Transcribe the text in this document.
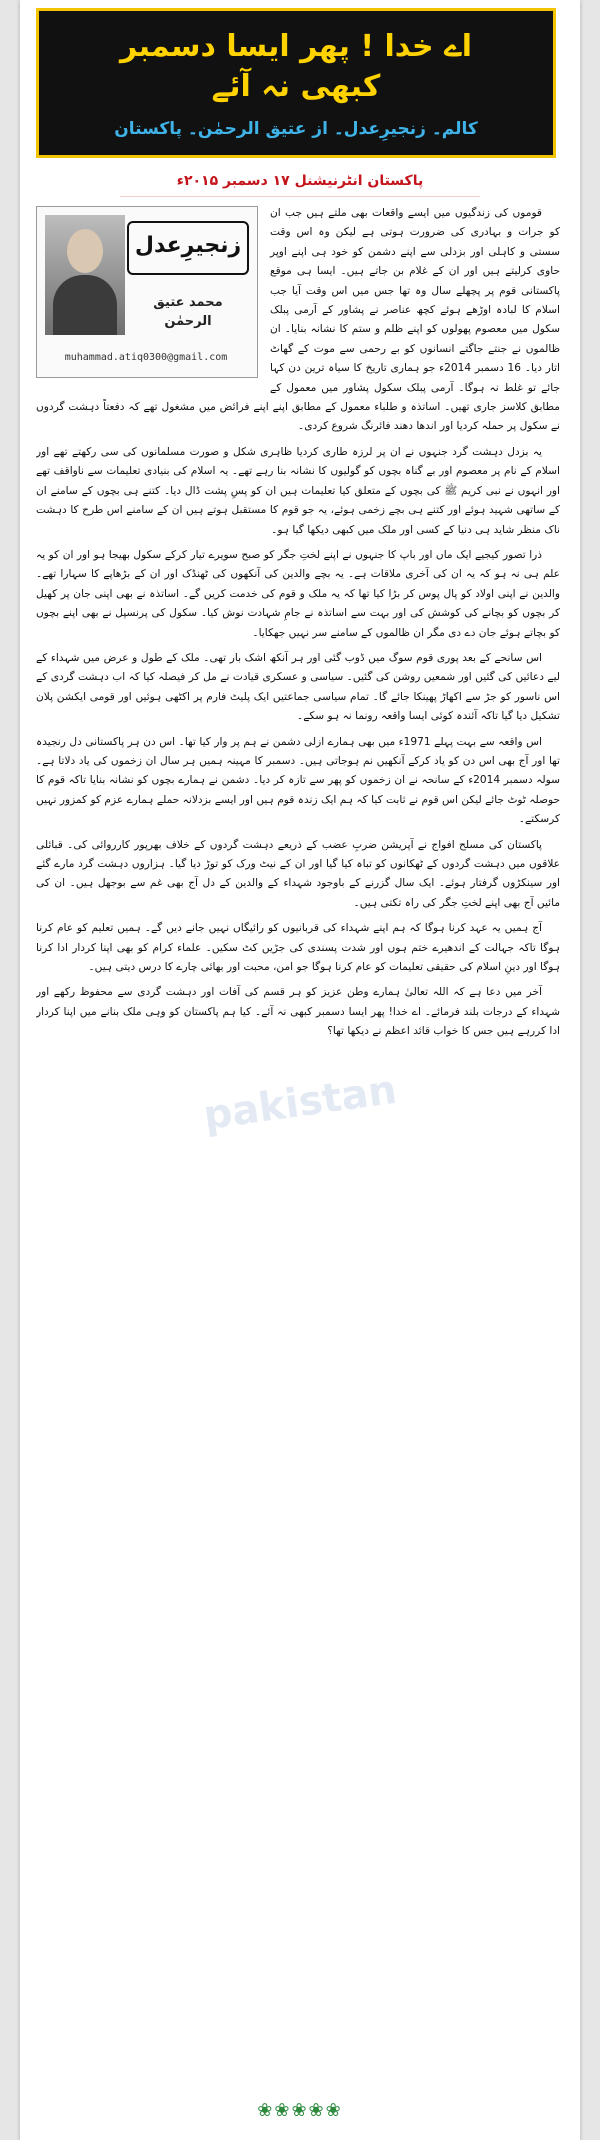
اے خدا ! پھر ایسا دسمبر
کبھی نہ آئے
کالم۔ زنجیرِعدل۔ از عتیق الرحمٰن۔ پاکستان
پاکستان انٹرنیشنل ۱۷ دسمبر ۲۰۱۵ء
زنجیرِعدل
محمد عتیق الرحمٰن
muhammad.atiq0300@gmail.com

قوموں کی زندگیوں میں ایسے واقعات بھی ملتے ہیں جب ان کو جرات و بہادری کی ضرورت ہوتی ہے لیکن وہ اس وقت سستی و کاہلی اور بزدلی سے اپنے دشمن کو خود ہی اپنے اوپر حاوی کرلیتے ہیں اور ان کے غلام بن جاتے ہیں۔ ایسا ہی موقع پاکستانی قوم پر پچھلے سال وہ تھا جس میں اس وقت آیا جب اسلام کا لبادہ اوڑھے ہوئے کچھ عناصر نے پشاور کے آرمی پبلک سکول میں معصوم پھولوں کو اپنے ظلم و ستم کا نشانہ بنایا۔ ان ظالموں نے جنتے جاگتے انسانوں کو بے رحمی سے موت کے گھاٹ اتار دیا۔ 16 دسمبر 2014ء جو ہماری تاریخ کا سیاہ ترین دن کہا جائے تو غلط نہ ہوگا۔ آرمی پبلک سکول پشاور میں معمول کے مطابق کلاسز جاری تھیں۔ اساتذہ و طلباء معمول کے مطابق اپنے اپنے فرائض میں مشغول تھے کہ دفعتاً دہشت گردوں نے سکول پر حملہ کردیا اور اندھا دھند فائرنگ شروع کردی۔

یہ بزدل دہشت گرد جنہوں نے ان پر لرزہ طاری کردیا ظاہری شکل و صورت مسلمانوں کی سی رکھتے تھے اور اسلام کے نام پر معصوم اور بے گناہ بچوں کو گولیوں کا نشانہ بنا رہے تھے۔ یہ اسلام کی بنیادی تعلیمات سے ناواقف تھے اور انہوں نے نبی کریم ﷺ کی بچوں کے متعلق کیا تعلیمات ہیں ان کو پسِ پشت ڈال دیا۔ کتنے ہی بچوں کے سامنے ان کے ساتھی شہید ہوئے اور کتنے ہی بچے زخمی ہوئے، یہ جو قوم کا مستقبل ہوتے ہیں ان کے سامنے اس طرح کا دہشت ناک منظر شاید ہی دنیا کے کسی اور ملک میں کبھی دیکھا گیا ہو۔

ذرا تصور کیجیے ایک ماں اور باپ کا جنہوں نے اپنے لختِ جگر کو صبح سویرے تیار کرکے سکول بھیجا ہو اور ان کو یہ علم ہی نہ ہو کہ یہ ان کی آخری ملاقات ہے۔ یہ بچے والدین کی آنکھوں کی ٹھنڈک اور ان کے بڑھاپے کا سہارا تھے۔ والدین نے اپنی اولاد کو پال پوس کر بڑا کیا تھا کہ یہ ملک و قوم کی خدمت کریں گے۔ اساتذہ نے بھی اپنی جان پر کھیل کر بچوں کو بچانے کی کوشش کی اور بہت سے اساتذہ نے جامِ شہادت نوش کیا۔ سکول کی پرنسپل نے بھی اپنے بچوں کو بچاتے ہوئے جان دے دی مگر ان ظالموں کے سامنے سر نہیں جھکایا۔

اس سانحے کے بعد پوری قوم سوگ میں ڈوب گئی اور ہر آنکھ اشک بار تھی۔ ملک کے طول و عرض میں شہداء کے لیے دعائیں کی گئیں اور شمعیں روشن کی گئیں۔ سیاسی و عسکری قیادت نے مل کر فیصلہ کیا کہ اب دہشت گردی کے اس ناسور کو جڑ سے اکھاڑ پھینکا جائے گا۔ تمام سیاسی جماعتیں ایک پلیٹ فارم پر اکٹھی ہوئیں اور قومی ایکشن پلان تشکیل دیا گیا تاکہ آئندہ کوئی ایسا واقعہ رونما نہ ہو سکے۔

اس واقعہ سے بہت پہلے 1971ء میں بھی ہمارے ازلی دشمن نے ہم پر وار کیا تھا۔ اس دن ہر پاکستانی دل رنجیدہ تھا اور آج بھی اس دن کو یاد کرکے آنکھیں نم ہوجاتی ہیں۔ دسمبر کا مہینہ ہمیں ہر سال ان زخموں کی یاد دلاتا ہے۔ سولہ دسمبر 2014ء کے سانحہ نے ان زخموں کو پھر سے تازہ کر دیا۔ دشمن نے ہمارے بچوں کو نشانہ بنایا تاکہ قوم کا حوصلہ ٹوٹ جائے لیکن اس قوم نے ثابت کیا کہ ہم ایک زندہ قوم ہیں اور ایسے بزدلانہ حملے ہمارے عزم کو کمزور نہیں کرسکتے۔

پاکستان کی مسلح افواج نے آپریشن ضربِ عضب کے ذریعے دہشت گردوں کے خلاف بھرپور کارروائی کی۔ قبائلی علاقوں میں دہشت گردوں کے ٹھکانوں کو تباہ کیا گیا اور ان کے نیٹ ورک کو توڑ دیا گیا۔ ہزاروں دہشت گرد مارے گئے اور سینکڑوں گرفتار ہوئے۔ ایک سال گزرنے کے باوجود شہداء کے والدین کے دل آج بھی غم سے بوجھل ہیں۔ ان کی مائیں آج بھی اپنے لختِ جگر کی راہ تکتی ہیں۔

آج ہمیں یہ عہد کرنا ہوگا کہ ہم اپنے شہداء کی قربانیوں کو رائیگاں نہیں جانے دیں گے۔ ہمیں تعلیم کو عام کرنا ہوگا تاکہ جہالت کے اندھیرے ختم ہوں اور شدت پسندی کی جڑیں کٹ سکیں۔ علماء کرام کو بھی اپنا کردار ادا کرنا ہوگا اور دینِ اسلام کی حقیقی تعلیمات کو عام کرنا ہوگا جو امن، محبت اور بھائی چارے کا درس دیتی ہیں۔

آخر میں دعا ہے کہ اللہ تعالیٰ ہمارے وطن عزیز کو ہر قسم کی آفات اور دہشت گردی سے محفوظ رکھے اور شہداء کے درجات بلند فرمائے۔ اے خدا! پھر ایسا دسمبر کبھی نہ آئے۔ کیا ہم پاکستان کو وہی ملک بنانے میں اپنا کردار ادا کررہے ہیں جس کا خواب قائد اعظم نے دیکھا تھا؟

pakistan
❀❀❀❀❀
